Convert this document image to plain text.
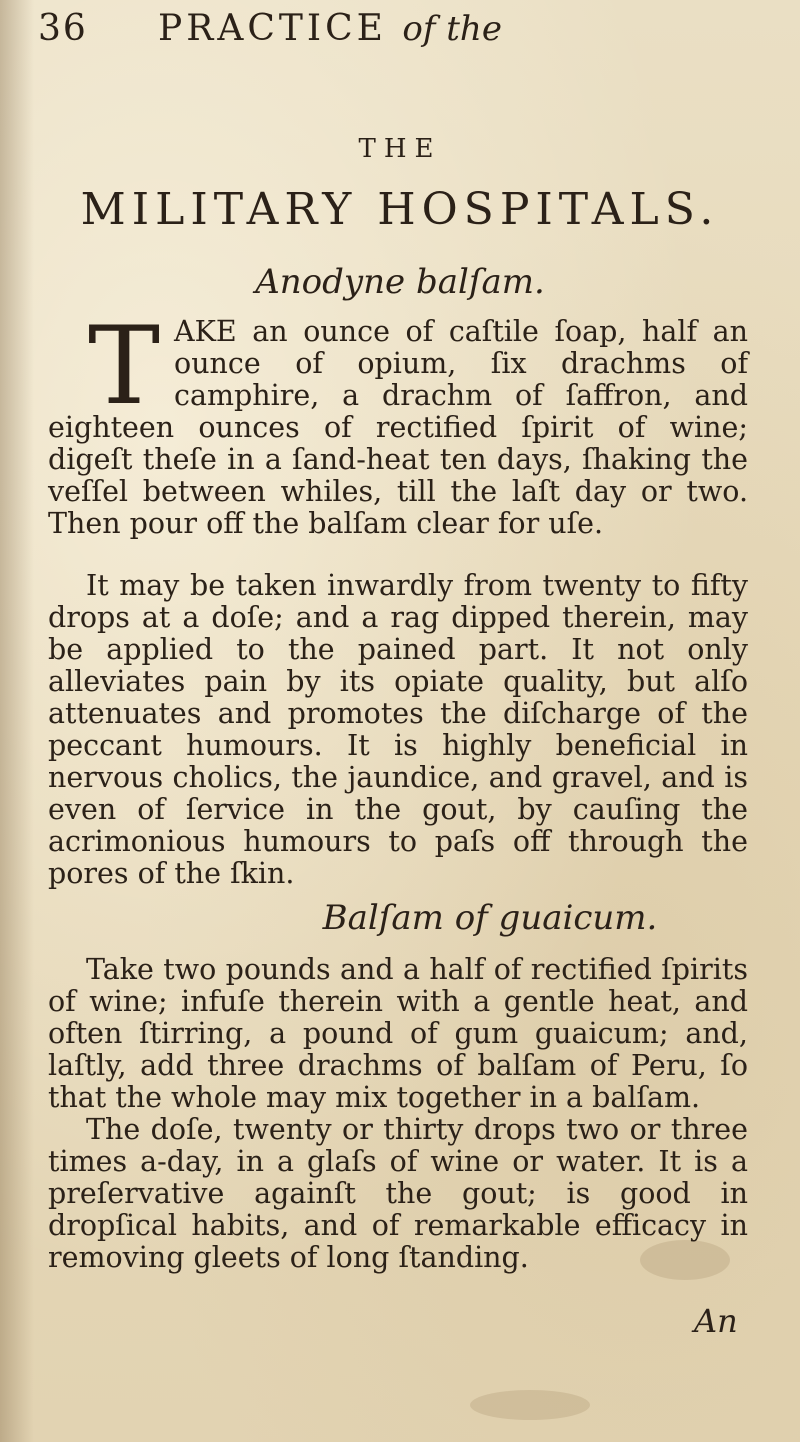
36 PRACTICE of the
THE
MILITARY HOSPITALS.
Anodyne balſam.
T AKE an ounce of caſtile ſoap, half an ounce of opium, ſix drachms of camphire, a drachm of ſaffron, and eighteen ounces of rectified ſpirit of wine; digeſt theſe in a ſand-heat ten days, ſhaking the veſſel between whiles, till the laſt day or two. Then pour off the balſam clear for uſe.
It may be taken inwardly from twenty to fifty drops at a doſe; and a rag dipped therein, may be applied to the pained part. It not only alleviates pain by its opiate quality, but alſo attenuates and promotes the diſcharge of the peccant humours. It is highly beneficial in nervous cholics, the jaundice, and gravel, and is even of ſervice in the gout, by cauſing the acrimonious humours to paſs off through the pores of the ſkin.
Balſam of guaicum.
Take two pounds and a half of rectified ſpirits of wine; infuſe therein with a gentle heat, and often ſtirring, a pound of gum guaicum; and, laſtly, add three drachms of balſam of Peru, ſo that the whole may mix together in a balſam.
The doſe, twenty or thirty drops two or three times a-day, in a glaſs of wine or water. It is a preſervative againſt the gout; is good in dropſical habits, and of remarkable efficacy in removing gleets of long ſtanding.
An
